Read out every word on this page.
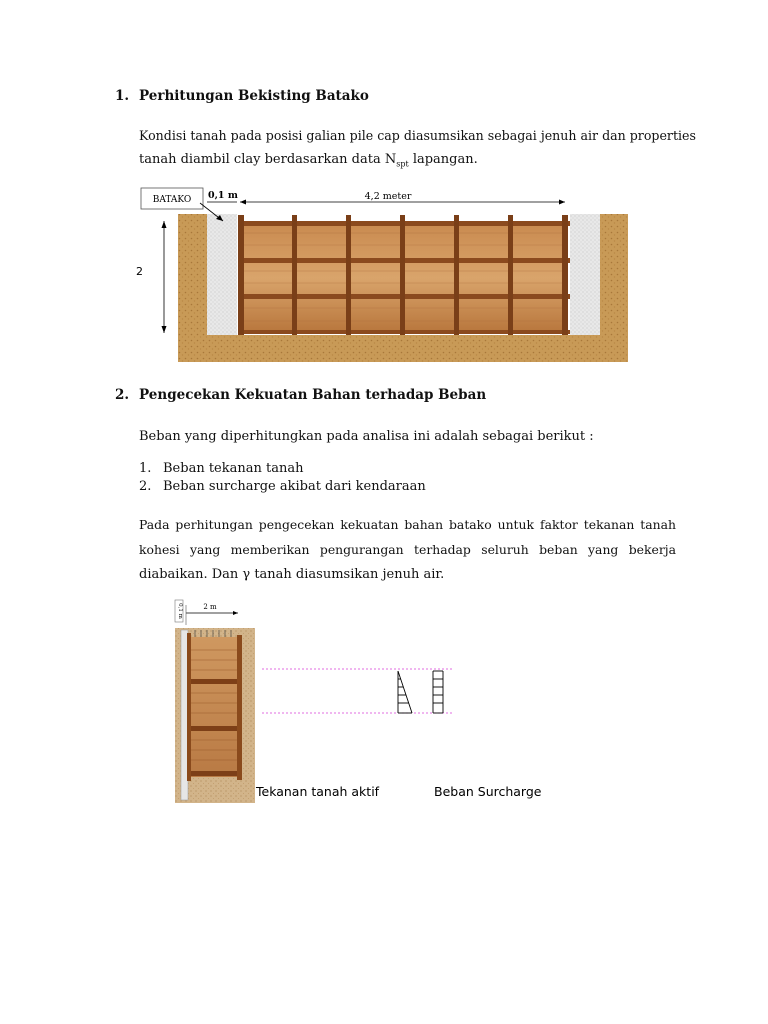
1. Perhitungan Bekisting Batako
Kondisi tanah pada posisi galian pile cap diasumsikan sebagai jenuh air dan properties
tanah diambil clay berdasarkan data $N_{spt}$ lapangan.
BATAKO 0,1 m	4,2 meter
2
2. Pengecekan Kekuatan Bahan terhadap Beban
Beban yang diperhitungkan pada analisa ini adalah sebagai berikut :
1. Beban tekanan tanah
2. Beban surcharge akibat dari kendaraan
Pada perhitungan pengecekan kekuatan bahan batako untuk faktor tekanan tanah
kohesi yang memberikan pengurangan terhadap seluruh beban yang bekerja
diabaikan. Dan γ tanah diasumsikan jenuh air.
0,1 m	2 m
Tekanan tanah aktif	Beban Surcharge
